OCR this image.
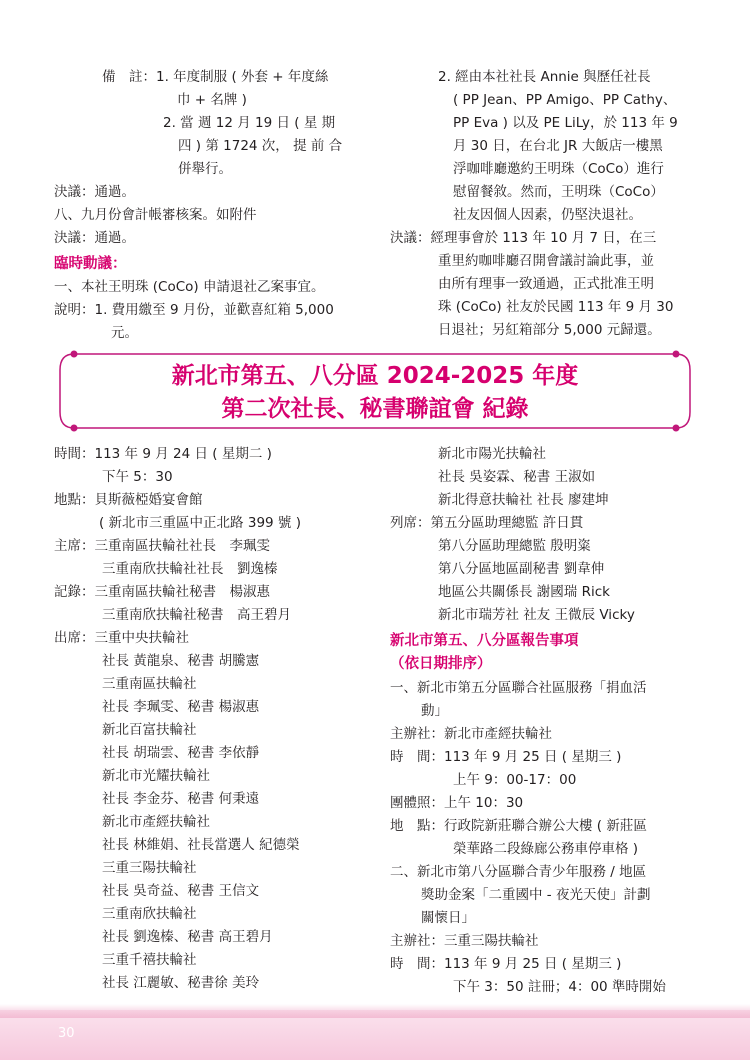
備　註：1. 年度制服 ( 外套 + 年度絲
巾 + 名牌 )
2. 當 週 12 月 19 日 ( 星 期
四 ) 第 1724 次， 提 前 合
併舉行。
決議：通過。
八、九月份會計帳審核案。如附件
決議：通過。
臨時動議：
一、本社王明珠 (CoCo) 申請退社乙案事宜。
說明：1. 費用繳至 9 月份，並歡喜紅箱 5,000
元。
2. 經由本社社長 Annie 與歷任社長
( PP Jean、PP Amigo、PP Cathy、
PP Eva ) 以及 PE LiLy，於 113 年 9
月 30 日，在台北 JR 大飯店一樓黑
浮咖啡廳邀約王明珠（CoCo）進行
慰留餐敘。然而，王明珠（CoCo）
社友因個人因素，仍堅決退社。
決議：經理事會於 113 年 10 月 7 日，在三
重里約咖啡廳召開會議討論此事，並
由所有理事一致通過，正式批准王明
珠 (CoCo) 社友於民國 113 年 9 月 30
日退社；另紅箱部分 5,000 元歸還。
新北市第五、八分區 2024-2025 年度
第二次社長、秘書聯誼會 紀錄
時間：113 年 9 月 24 日 ( 星期二 )
下午 5：30
地點：貝斯薇椏婚宴會館
( 新北市三重區中正北路 399 號 )
主席：三重南區扶輪社社長　李珮雯
三重南欣扶輪社社長　劉逸榛
記錄：三重南區扶輪社秘書　楊淑惠
三重南欣扶輪社秘書　高王碧月
出席：三重中央扶輪社
社長 黃龍泉、秘書 胡騰憲
三重南區扶輪社
社長 李珮雯、秘書 楊淑惠
新北百富扶輪社
社長 胡瑞雲、秘書 李依靜
新北市光耀扶輪社
社長 李金芬、秘書 何秉遠
新北市產經扶輪社
社長 林維娟、社長當選人 紀德榮
三重三陽扶輪社
社長 吳奇益、秘書 王信文
三重南欣扶輪社
社長 劉逸榛、秘書 高王碧月
三重千禧扶輪社
社長 江麗敏、秘書徐 美玲
新北市陽光扶輪社
社長 吳姿霖、秘書 王淑如
新北得意扶輪社 社長 廖建坤
列席：第五分區助理總監 許日貫
第八分區助理總監 殷明粢
第八分區地區副秘書 劉韋伸
地區公共關係長 謝國瑞 Rick
新北市瑞芳社 社友 王微辰 Vicky
新北市第五、八分區報告事項
（依日期排序）
一、新北市第五分區聯合社區服務「捐血活
動」
主辦社：新北市產經扶輪社
時　間：113 年 9 月 25 日 ( 星期三 )
上午 9：00-17：00
團體照：上午 10：30
地　點：行政院新莊聯合辦公大樓 ( 新莊區
榮華路二段綠廊公務車停車格 )
二、新北市第八分區聯合青少年服務 / 地區
獎助金案「二重國中 - 夜光天使」計劃
關懷日」
主辦社：三重三陽扶輪社
時　間：113 年 9 月 25 日 ( 星期三 )
下午 3：50 註冊；4：00 準時開始
30
